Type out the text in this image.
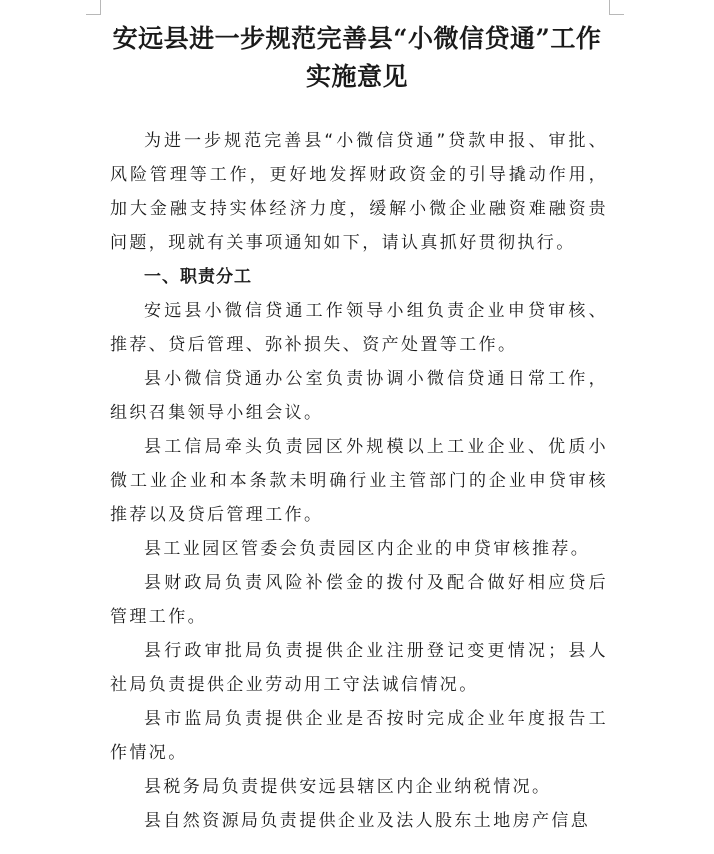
安远县进一步规范完善县“小微信贷通”工作实施意见

为进一步规范完善县“小微信贷通”贷款申报、审批、风险管理等工作，更好地发挥财政资金的引导撬动作用，加大金融支持实体经济力度，缓解小微企业融资难融资贵问题，现就有关事项通知如下，请认真抓好贯彻执行。

一、职责分工

安远县小微信贷通工作领导小组负责企业申贷审核、推荐、贷后管理、弥补损失、资产处置等工作。

县小微信贷通办公室负责协调小微信贷通日常工作，组织召集领导小组会议。

县工信局牵头负责园区外规模以上工业企业、优质小微工业企业和本条款未明确行业主管部门的企业申贷审核推荐以及贷后管理工作。

县工业园区管委会负责园区内企业的申贷审核推荐。

县财政局负责风险补偿金的拨付及配合做好相应贷后管理工作。

县行政审批局负责提供企业注册登记变更情况；县人社局负责提供企业劳动用工守法诚信情况。

县市监局负责提供企业是否按时完成企业年度报告工作情况。

县税务局负责提供安远县辖区内企业纳税情况。

县自然资源局负责提供企业及法人股东土地房产信息
